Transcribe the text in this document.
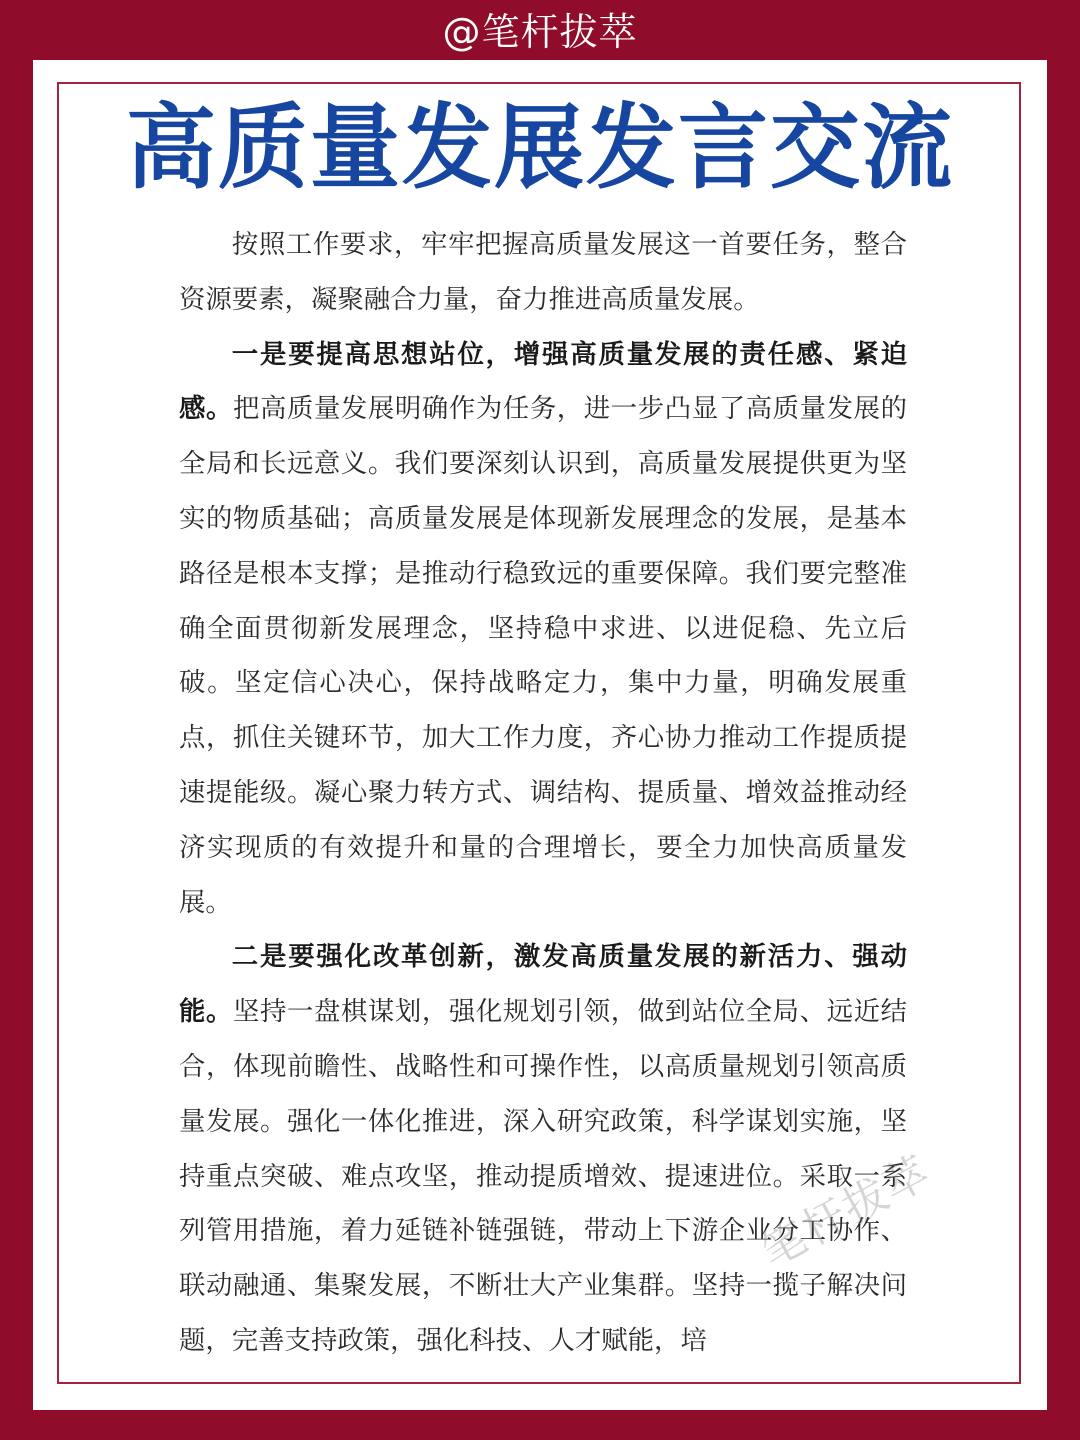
@笔杆拔萃
高质量发展发言交流

按照工作要求，牢牢把握高质量发展这一首要任务，整合资源要素，凝聚融合力量，奋力推进高质量发展。

一是要提高思想站位，增强高质量发展的责任感、紧迫感。把高质量发展明确作为任务，进一步凸显了高质量发展的全局和长远意义。我们要深刻认识到，高质量发展提供更为坚实的物质基础；高质量发展是体现新发展理念的发展，是基本路径是根本支撑；是推动行稳致远的重要保障。我们要完整准确全面贯彻新发展理念，坚持稳中求进、以进促稳、先立后破。坚定信心决心，保持战略定力，集中力量，明确发展重点，抓住关键环节，加大工作力度，齐心协力推动工作提质提速提能级。凝心聚力转方式、调结构、提质量、增效益推动经济实现质的有效提升和量的合理增长，要全力加快高质量发展。

二是要强化改革创新，激发高质量发展的新活力、强动能。坚持一盘棋谋划，强化规划引领，做到站位全局、远近结合，体现前瞻性、战略性和可操作性，以高质量规划引领高质量发展。强化一体化推进，深入研究政策，科学谋划实施，坚持重点突破、难点攻坚，推动提质增效、提速进位。采取一系列管用措施，着力延链补链强链，带动上下游企业分工协作、联动融通、集聚发展，不断壮大产业集群。坚持一揽子解决问题，完善支持政策，强化科技、人才赋能，培

笔杆拔萃
